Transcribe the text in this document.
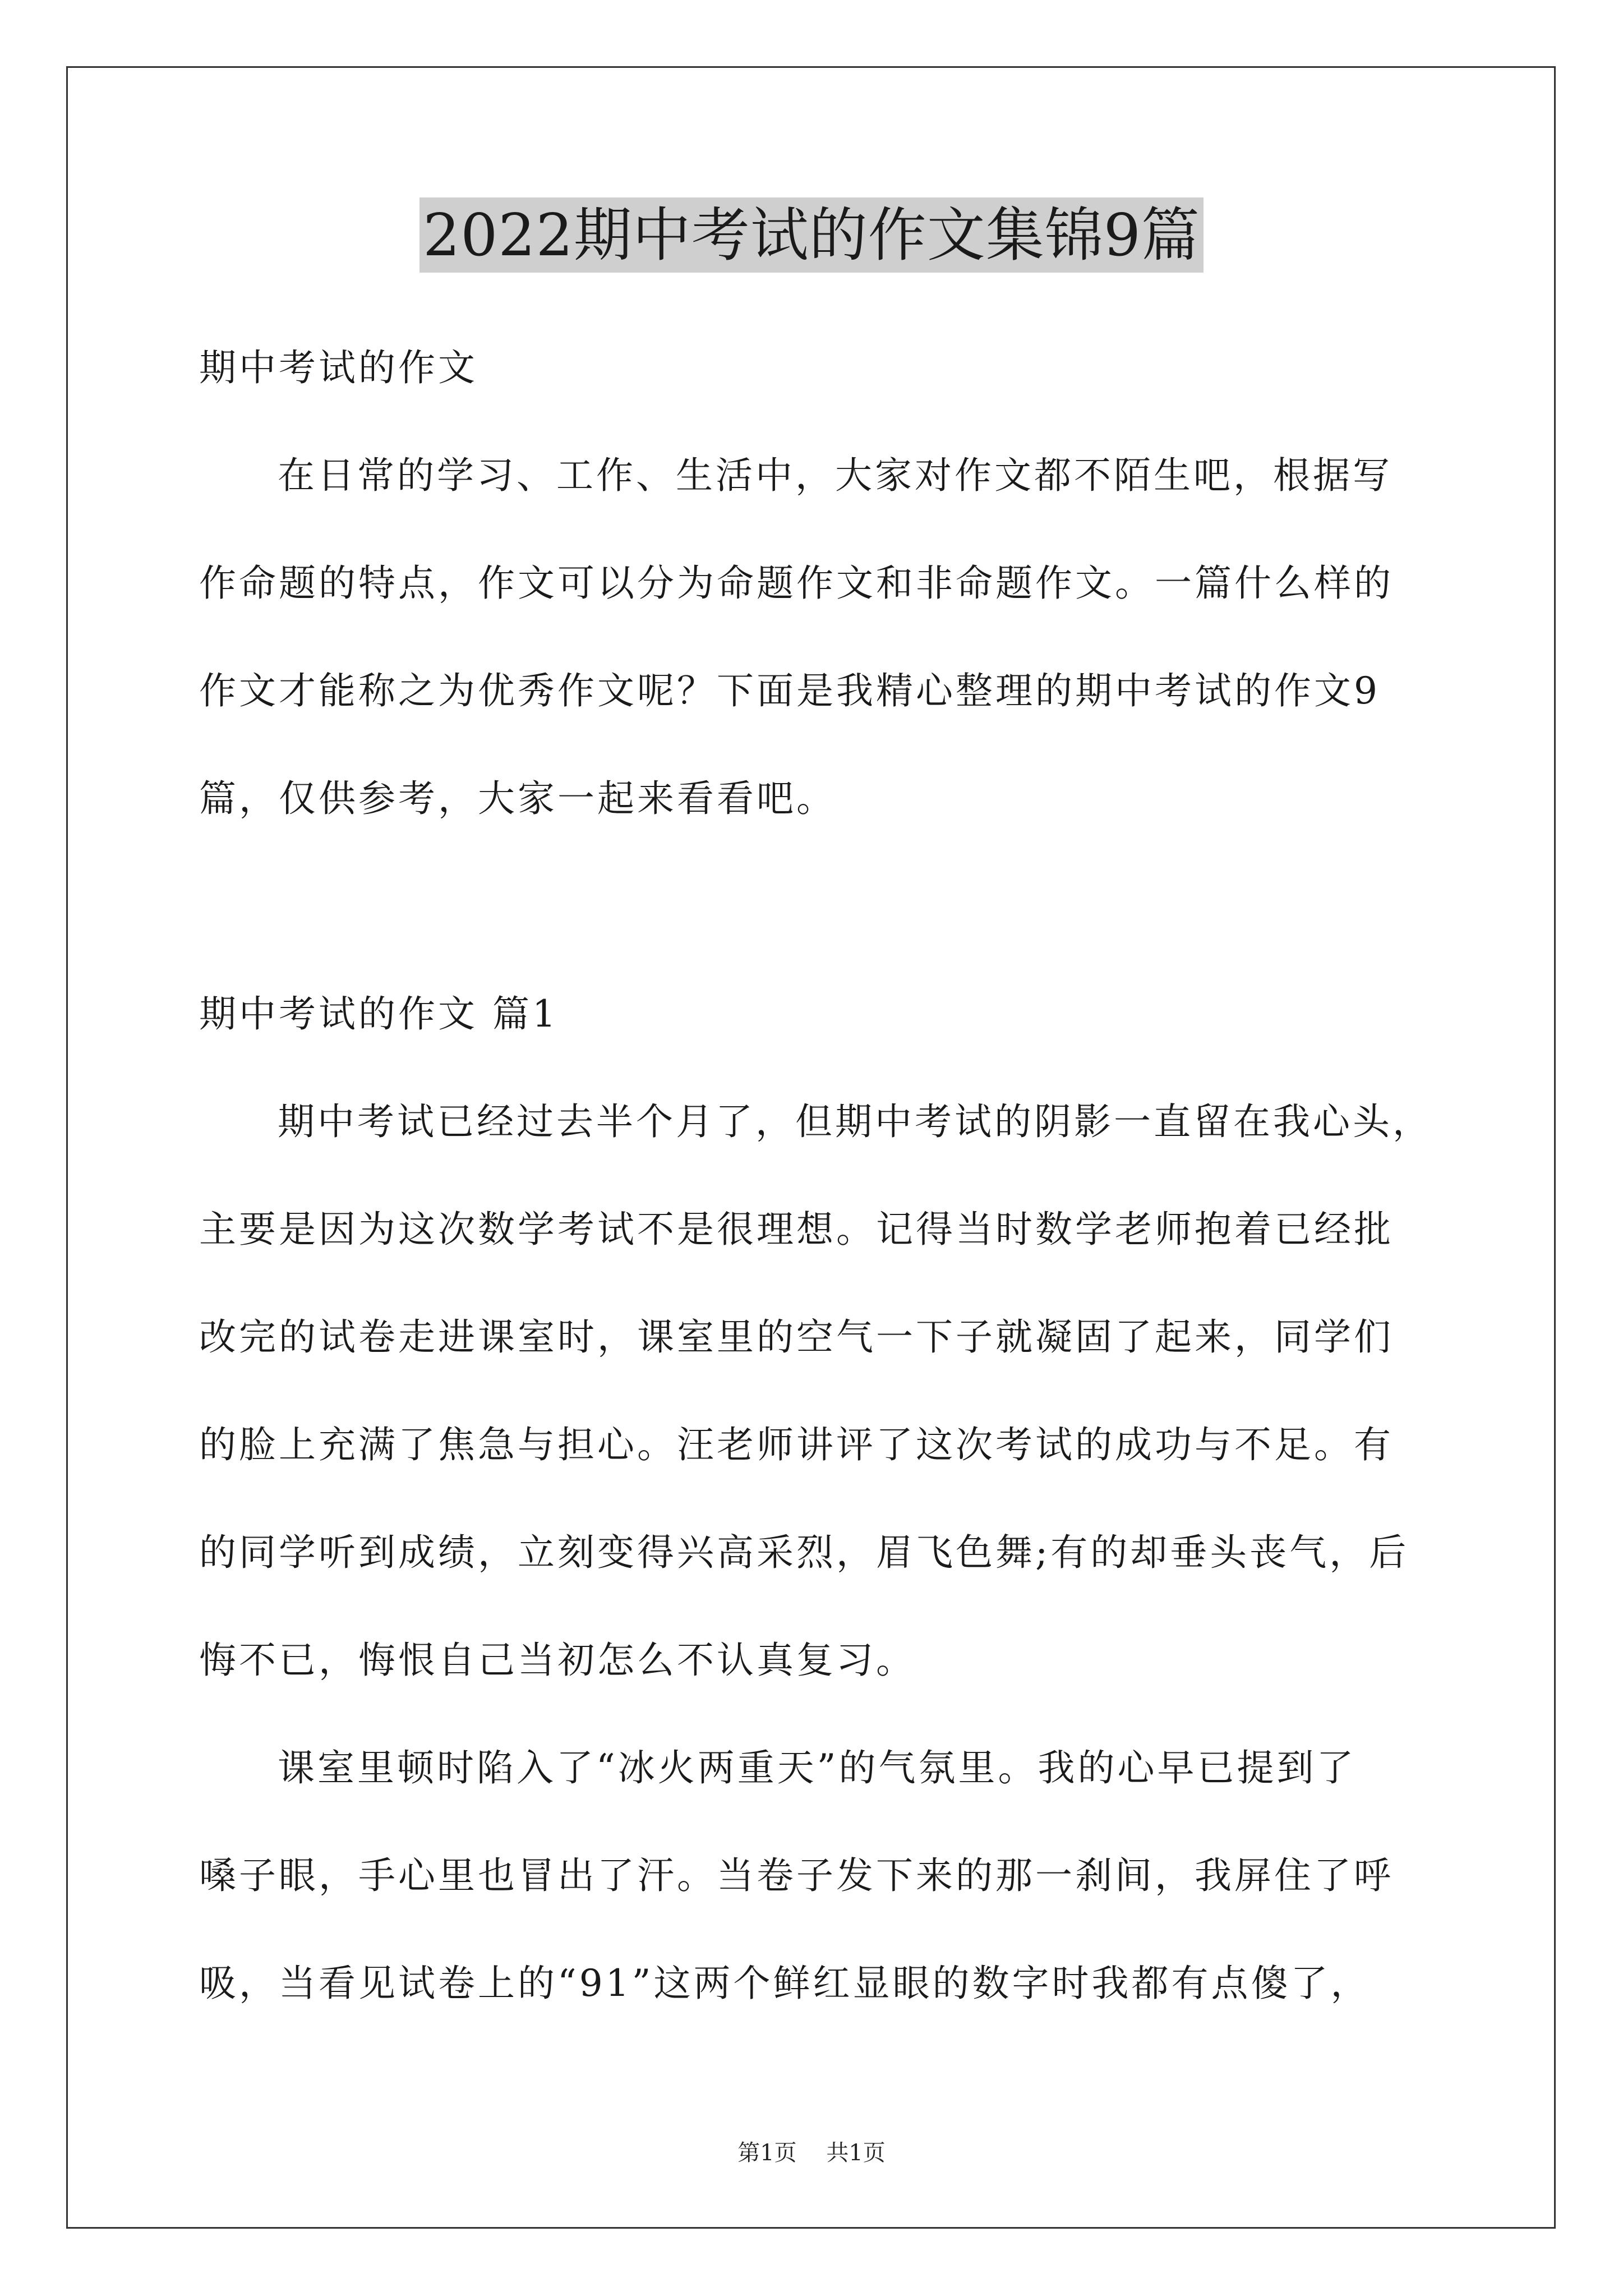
2022期中考试的作文集锦9篇
期中考试的作文
在日常的学习、工作、生活中，大家对作文都不陌生吧，根据写
作命题的特点，作文可以分为命题作文和非命题作文。一篇什么样的
作文才能称之为优秀作文呢？下面是我精心整理的期中考试的作文9
篇，仅供参考，大家一起来看看吧。
期中考试的作文 篇1
期中考试已经过去半个月了，但期中考试的阴影一直留在我心头，
主要是因为这次数学考试不是很理想。记得当时数学老师抱着已经批
改完的试卷走进课室时，课室里的空气一下子就凝固了起来，同学们
的脸上充满了焦急与担心。汪老师讲评了这次考试的成功与不足。有
的同学听到成绩，立刻变得兴高采烈，眉飞色舞;有的却垂头丧气，后
悔不已，悔恨自己当初怎么不认真复习。
课室里顿时陷入了“冰火两重天”的气氛里。我的心早已提到了
嗓子眼，手心里也冒出了汗。当卷子发下来的那一刹间，我屏住了呼
吸，当看见试卷上的“91”这两个鲜红显眼的数字时我都有点傻了，
第1页 共1页
